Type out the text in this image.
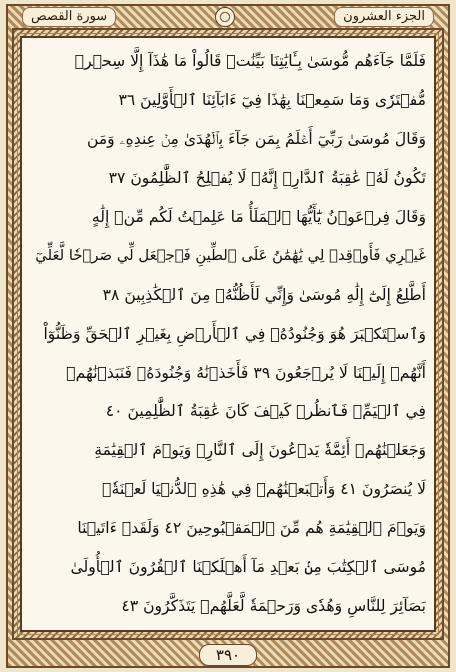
سورة القصص	الجزء العشرون
فَلَمَّا جَآءَهُم مُّوسَىٰ بِـَٔايَٰتِنَا بَيِّنَٰتٖ قَالُواْ مَا هَٰذَآ إِلَّا سِحۡرٞ
مُّفۡتَرٗى وَمَا سَمِعۡنَا بِهَٰذَا فِيٓ ءَابَآئِنَا ٱلۡأَوَّلِينَ ٣٦
وَقَالَ مُوسَىٰ رَبِّيٓ أَعۡلَمُ بِمَن جَآءَ بِٱلۡهُدَىٰ مِنۡ عِندِهِۦ وَمَن
تَكُونُ لَهُۥ عَٰقِبَةُ ٱلدَّارِۚ إِنَّهُۥ لَا يُفۡلِحُ ٱلظَّٰلِمُونَ ٣٧
وَقَالَ فِرۡعَوۡنُ يَٰٓأَيُّهَا ٱلۡمَلَأُ مَا عَلِمۡتُ لَكُم مِّنۡ إِلَٰهٍ
غَيۡرِي فَأَوۡقِدۡ لِي يَٰهَٰمَٰنُ عَلَى ٱلطِّينِ فَٱجۡعَل لِّي صَرۡحٗا لَّعَلِّيٓ
أَطَّلِعُ إِلَىٰٓ إِلَٰهِ مُوسَىٰ وَإِنِّي لَأَظُنُّهُۥ مِنَ ٱلۡكَٰذِبِينَ ٣٨
وَٱسۡتَكۡبَرَ هُوَ وَجُنُودُهُۥ فِي ٱلۡأَرۡضِ بِغَيۡرِ ٱلۡحَقِّ وَظَنُّوٓاْ
أَنَّهُمۡ إِلَيۡنَا لَا يُرۡجَعُونَ ٣٩ فَأَخَذۡنَٰهُ وَجُنُودَهُۥ فَنَبَذۡنَٰهُمۡ
فِي ٱلۡيَمِّۖ فَٱنظُرۡ كَيۡفَ كَانَ عَٰقِبَةُ ٱلظَّٰلِمِينَ ٤٠
وَجَعَلۡنَٰهُمۡ أَئِمَّةٗ يَدۡعُونَ إِلَى ٱلنَّارِۖ وَيَوۡمَ ٱلۡقِيَٰمَةِ
لَا يُنصَرُونَ ٤١ وَأَتۡبَعۡنَٰهُمۡ فِي هَٰذِهِ ٱلدُّنۡيَا لَعۡنَةٗۖ
وَيَوۡمَ ٱلۡقِيَٰمَةِ هُم مِّنَ ٱلۡمَقۡبُوحِينَ ٤٢ وَلَقَدۡ ءَاتَيۡنَا
مُوسَى ٱلۡكِتَٰبَ مِنۢ بَعۡدِ مَآ أَهۡلَكۡنَا ٱلۡقُرُونَ ٱلۡأُولَىٰ
بَصَآئِرَ لِلنَّاسِ وَهُدٗى وَرَحۡمَةٗ لَّعَلَّهُمۡ يَتَذَكَّرُونَ ٤٣
٣٩٠
